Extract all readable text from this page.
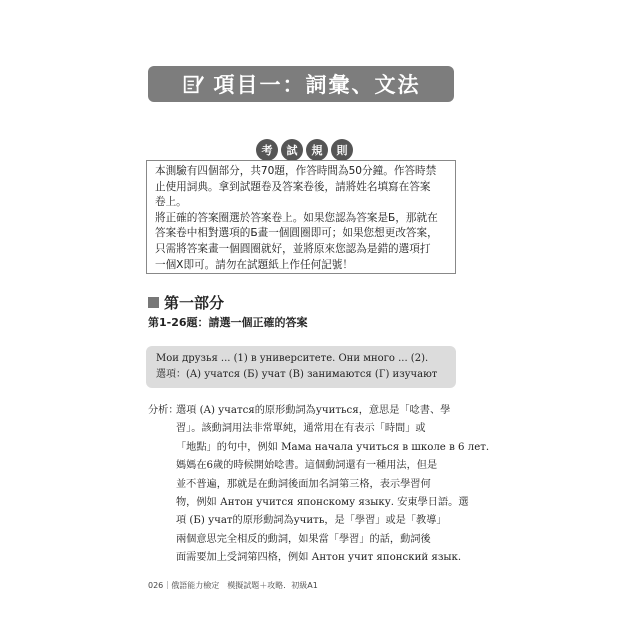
項目一：詞彙、文法
考	試	規	則

本測驗有四個部分，共70題，作答時間為50分鐘。作答時禁

止使用詞典。拿到試題卷及答案卷後，請將姓名填寫在答案

卷上。

將正確的答案圈選於答案卷上。如果您認為答案是Б，那就在

答案卷中相對選項的Б畫一個圓圈即可；如果您想更改答案，

只需將答案畫一個圓圈就好，並將原來您認為是錯的選項打

一個X即可。請勿在試題紙上作任何記號！

第一部分
第1-26題：請選一個正確的答案

Мои друзья ... (1) в университете. Они много ... (2).

選項：(A) учатся (Б) учат (В) занимаются (Г) изучают

分析：

選項 (A) учатся的原形動詞為учиться，意思是「唸書、學

習」。該動詞用法非常單純，通常用在有表示「時間」或

「地點」的句中，例如 Мама начала учиться в школе в 6 лет.

媽媽在6歲的時候開始唸書。這個動詞還有一種用法，但是

並不普遍，那就是在動詞後面加名詞第三格，表示學習何

物，例如 Антон учится японскому языку. 安東學日語。選

項 (Б) учат的原形動詞為учить，是「學習」或是「教導」

兩個意思完全相反的動詞，如果當「學習」的話，動詞後

面需要加上受詞第四格，例如 Антон учит японский язык.

026｜俄語能力檢定　模擬試題＋攻略．初級A1
